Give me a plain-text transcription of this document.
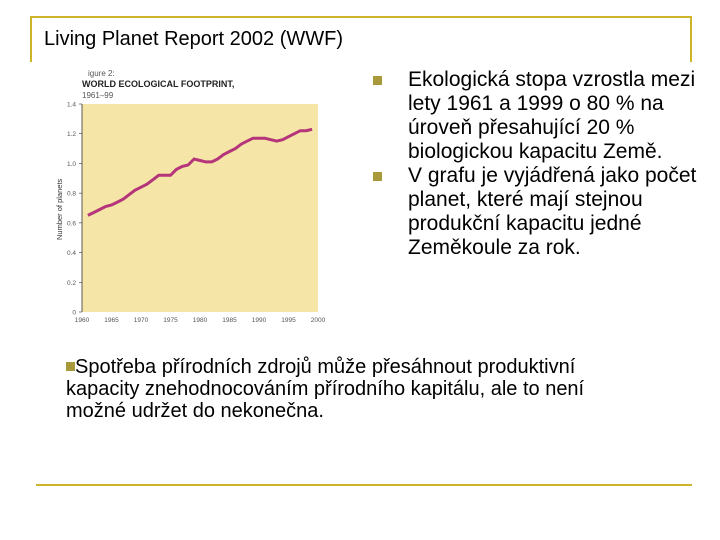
Living Planet Report 2002 (WWF)
igure 2:
WORLD ECOLOGICAL FOOTPRINT,
1961–99
Number of planets
0
0.2
0.4
0.6
0.8
1.0
1.2
1.4
1960 1965 1970 1975 1980 1985 1990 1995 2000
Ekologická stopa vzrostla mezi lety 1961 a 1999 o 80 % na úroveň přesahující 20 % biologickou kapacitu Země.
V grafu je vyjádřená jako počet planet, které mají stejnou produkční kapacitu jedné Zeměkoule za rok.
Spotřeba přírodních zdrojů může přesáhnout produktivní kapacity znehodnocováním přírodního kapitálu, ale to není možné udržet do nekonečna.
